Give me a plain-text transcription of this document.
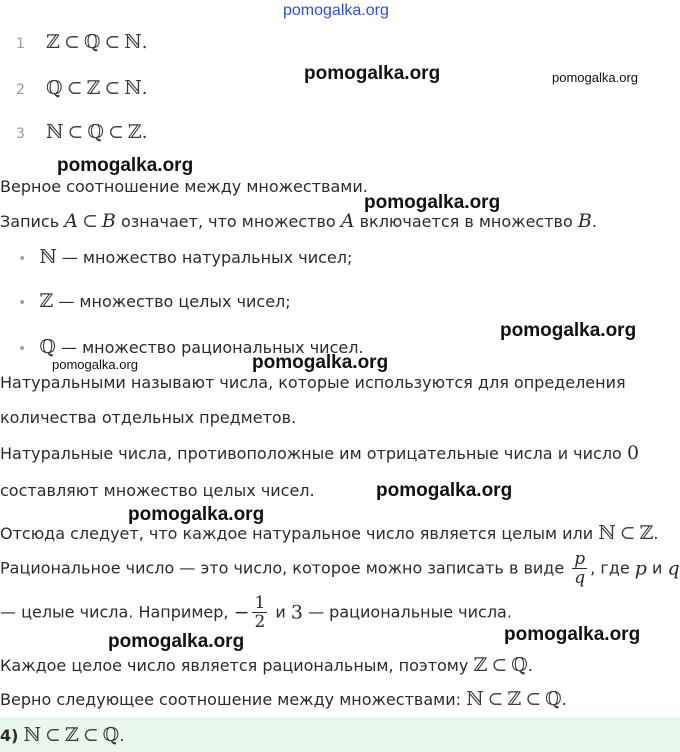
pomogalka.org
1 ℤ ⊂ ℚ ⊂ ℕ.
2 ℚ ⊂ ℤ ⊂ ℕ.
3 ℕ ⊂ ℚ ⊂ ℤ.
pomogalka.org	pomogalka.org
pomogalka.org
pomogalka.org
pomogalka.org
pomogalka.org	pomogalka.org
pomogalka.org
pomogalka.org
pomogalka.org	pomogalka.org
Верное соотношение между множествами.
Запись A ⊂ B означает, что множество A включается в множество B.
• ℕ — множество натуральных чисел;
• ℤ — множество целых чисел;
• ℚ — множество рациональных чисел.
Натуральными называют числа, которые используются для определения
количества отдельных предметов.
Натуральные числа, противоположные им отрицательные числа и число 0
составляют множество целых чисел.
Отсюда следует, что каждое натуральное число является целым или ℕ ⊂ ℤ.
Рациональное число — это число, которое можно записать в виде $\frac{p}{q}$ , где p и q
— целые числа. Например, − $\frac{1}{2}$ и 3 — рациональные числа.
Каждое целое число является рациональным, поэтому ℤ ⊂ ℚ.
Верно следующее соотношение между множествами: ℕ ⊂ ℤ ⊂ ℚ.
4) ℕ ⊂ ℤ ⊂ ℚ.
